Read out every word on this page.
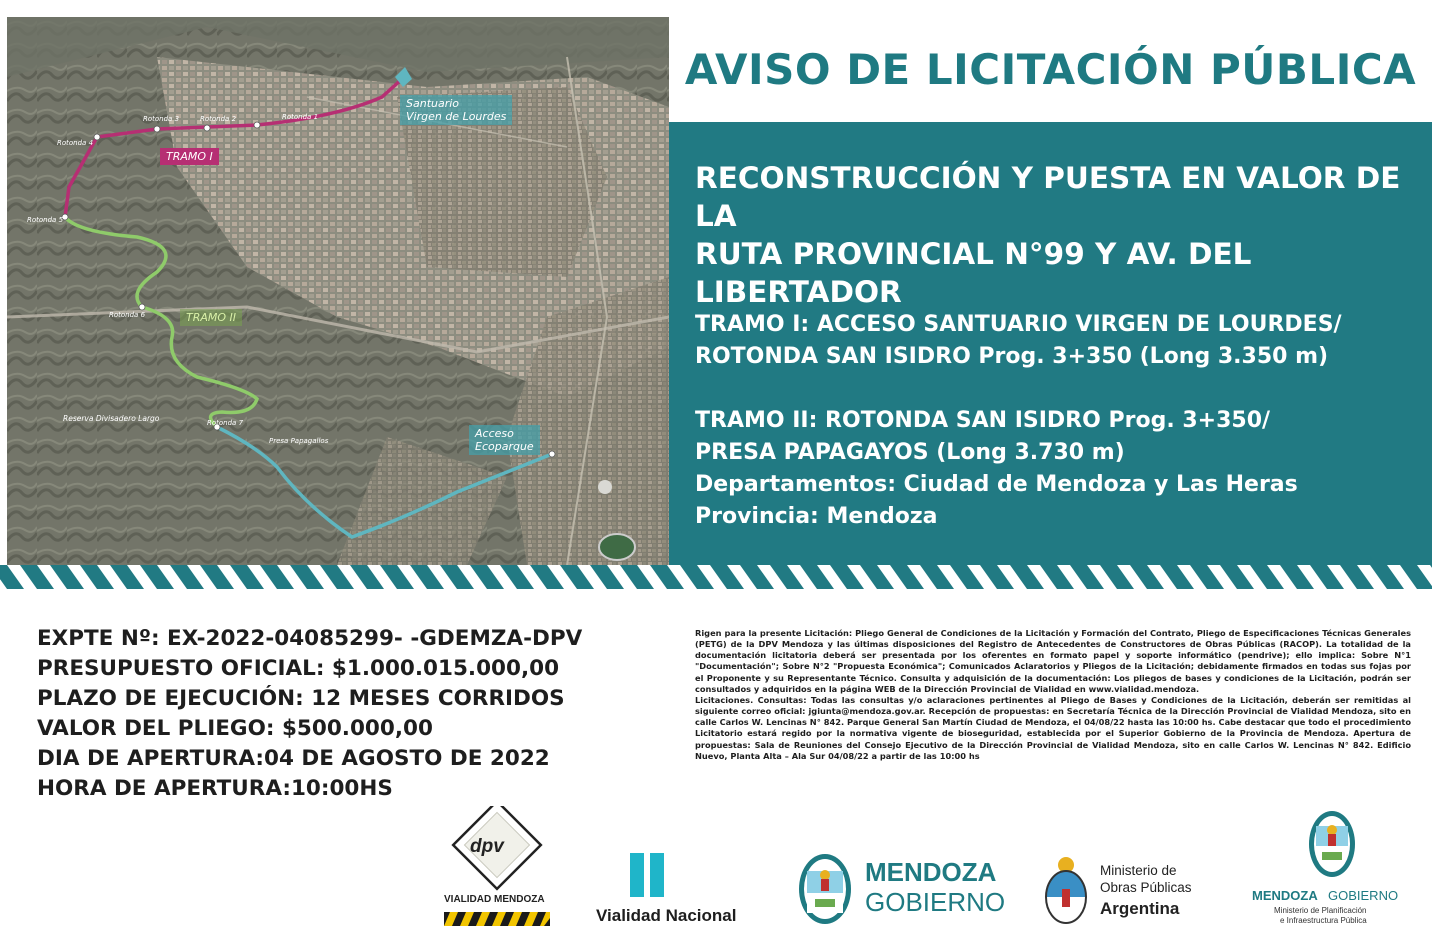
Rotonda 1
Rotonda 2
Rotonda 3
Rotonda 4
Rotonda 5
Rotonda 6
Rotonda 7
Reserva Divisadero Largo
Presa Papagallos
Santuario
Virgen de Lourdes
TRAMO I
TRAMO II
Acceso
Ecoparque
AVISO DE LICITACIÓN PÚBLICA
RECONSTRUCCIÓN Y PUESTA EN VALOR DE LA
RUTA PROVINCIAL N°99 Y AV. DEL LIBERTADOR
TRAMO I: ACCESO SANTUARIO VIRGEN DE LOURDES/
ROTONDA SAN ISIDRO Prog. 3+350 (Long 3.350 m)
TRAMO II: ROTONDA SAN ISIDRO Prog. 3+350/
PRESA PAPAGAYOS (Long 3.730 m)
Departamentos: Ciudad de Mendoza y Las Heras
Provincia: Mendoza
EXPTE Nº: EX-2022-04085299- -GDEMZA-DPV
PRESUPUESTO OFICIAL: $1.000.015.000,00
PLAZO DE EJECUCIÓN: 12 MESES CORRIDOS
VALOR DEL PLIEGO: $500.000,00
DIA DE APERTURA:04 DE AGOSTO DE 2022
HORA DE APERTURA:10:00HS

Rigen para la presente Licitación: Pliego General de Condiciones de la Licitación y Formación del Contrato, Pliego de Especificaciones Técnicas Generales (PETG) de la DPV Mendoza y las últimas disposiciones del Registro de Antecedentes de Constructores de Obras Públicas (RACOP). La totalidad de la documentación licitatoria deberá ser presentada por los oferentes en formato papel y soporte informático (pendrive); ello implica: Sobre N°1 "Documentación"; Sobre N°2 "Propuesta Económica"; Comunicados Aclaratorios y Pliegos de la Licitación; debidamente firmados en todas sus fojas por el Proponente y su Representante Técnico. Consulta y adquisición de la documentación: Los pliegos de bases y condiciones de la Licitación, podrán ser consultados y adquiridos en la página WEB de la Dirección Provincial de Vialidad en www.vialidad.mendoza.

Licitaciones. Consultas: Todas las consultas y/o aclaraciones pertinentes al Pliego de Bases y Condiciones de la Licitación, deberán ser remitidas al siguiente correo oficial: jgiunta@mendoza.gov.ar. Recepción de propuestas: en Secretaría Técnica de la Dirección Provincial de Vialidad Mendoza, sito en calle Carlos W. Lencinas N° 842. Parque General San Martín Ciudad de Mendoza, el 04/08/22 hasta las 10:00 hs. Cabe destacar que todo el procedimiento Licitatorio estará regido por la normativa vigente de bioseguridad, establecida por el Superior Gobierno de la Provincia de Mendoza. Apertura de propuestas: Sala de Reuniones del Consejo Ejecutivo de la Dirección Provincial de Vialidad Mendoza, sito en calle Carlos W. Lencinas N° 842. Edificio Nuevo, Planta Alta – Ala Sur 04/08/22 a partir de las 10:00 hs

dpv
VIALIDAD MENDOZA
Vialidad Nacional
MENDOZA
GOBIERNO
Ministerio de
Obras Públicas
Argentina
MENDOZA GOBIERNO
Ministerio de Planificación
e Infraestructura Pública
